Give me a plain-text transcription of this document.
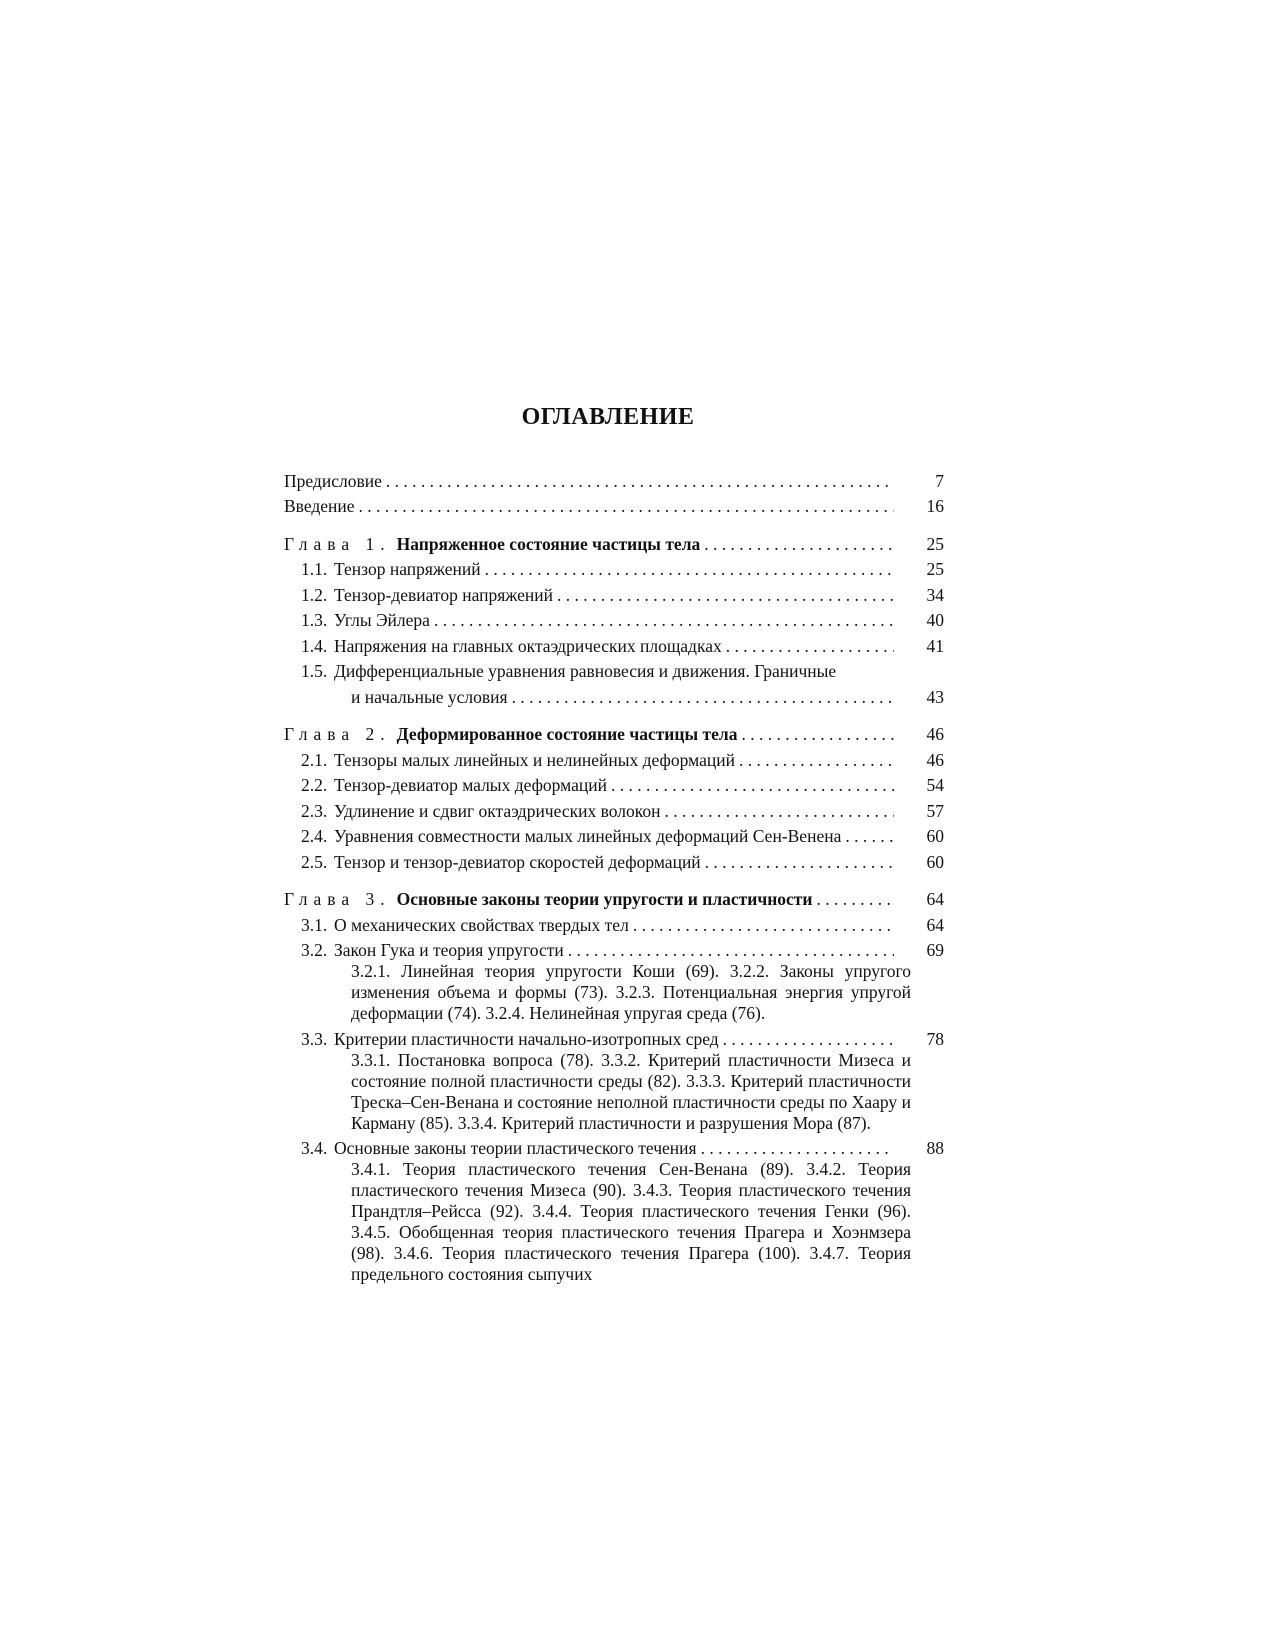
ОГЛАВЛЕНИЕ
Предисловие . . .	7
Введение . . .	16
Глава 1. Напряженное состояние частицы тела . . .	25
1.1. Тензор напряжений . . .	25
1.2. Тензор-девиатор напряжений . . .	34
1.3. Углы Эйлера . . .	40
1.4. Напряжения на главных октаэдрических площадках . . .	41
1.5. Дифференциальные уравнения равновесия и движения. Граничные
и начальные условия . . .	43
Глава 2. Деформированное состояние частицы тела . . .	46
2.1. Тензоры малых линейных и нелинейных деформаций . . .	46
2.2. Тензор-девиатор малых деформаций . . .	54
2.3. Удлинение и сдвиг октаэдрических волокон . . .	57
2.4. Уравнения совместности малых линейных деформаций Сен-Венена . . .	60
2.5. Тензор и тензор-девиатор скоростей деформаций . . .	60
Глава 3. Основные законы теории упругости и пластичности . . .	64
3.1. О механических свойствах твердых тел . . .	64
3.2. Закон Гука и теория упругости . . .	69
3.2.1. Линейная теория упругости Коши (69). 3.2.2. Законы упругого изменения объема и формы (73). 3.2.3. Потенциальная энергия упругой деформации (74). 3.2.4. Нелинейная упругая среда (76).
3.3. Критерии пластичности начально-изотропных сред . . .	78
3.3.1. Постановка вопроса (78). 3.3.2. Критерий пластичности Мизеса и состояние полной пластичности среды (82). 3.3.3. Критерий пластичности Треска–Сен-Венана и состояние неполной пластичности среды по Хаару и Карману (85). 3.3.4. Критерий пластичности и разрушения Мора (87).
3.4. Основные законы теории пластического течения . . .	88
3.4.1. Теория пластического течения Сен-Венана (89). 3.4.2. Теория пластического течения Мизеса (90). 3.4.3. Теория пластического течения Прандтля–Рейсса (92). 3.4.4. Теория пластического течения Генки (96). 3.4.5. Обобщенная теория пластического течения Прагера и Хоэнмзера (98). 3.4.6. Теория пластического течения Прагера (100). 3.4.7. Теория предельного состояния сыпучих
